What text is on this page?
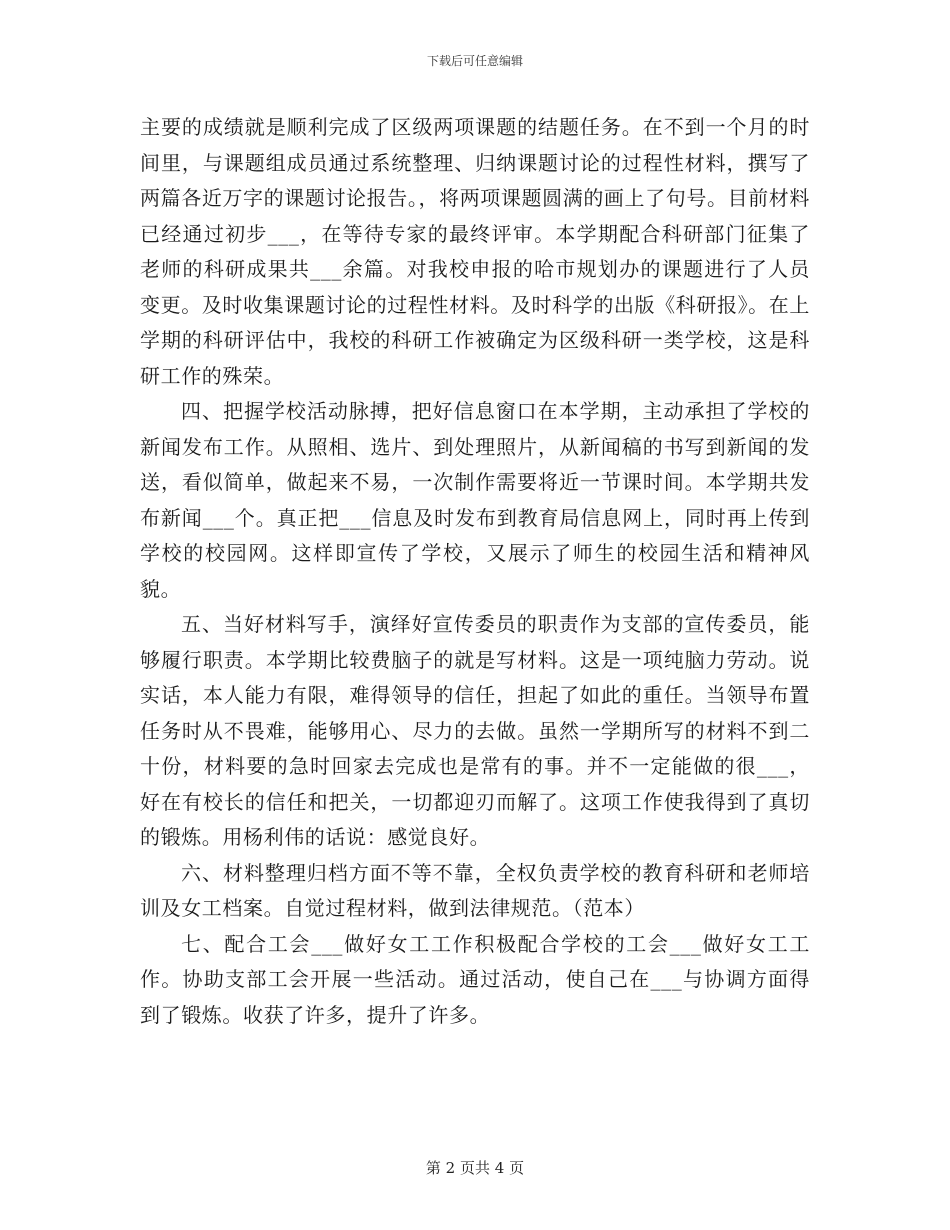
下载后可任意编辑

主要的成绩就是顺利完成了区级两项课题的结题任务。在不到一个月的时间里，与课题组成员通过系统整理、归纳课题讨论的过程性材料，撰写了两篇各近万字的课题讨论报告。，将两项课题圆满的画上了句号。目前材料已经通过初步___，在等待专家的最终评审。本学期配合科研部门征集了老师的科研成果共___余篇。对我校申报的哈市规划办的课题进行了人员变更。及时收集课题讨论的过程性材料。及时科学的出版《科研报》。在上学期的科研评估中，我校的科研工作被确定为区级科研一类学校，这是科研工作的殊荣。

四、把握学校活动脉搏，把好信息窗口在本学期，主动承担了学校的新闻发布工作。从照相、选片、到处理照片，从新闻稿的书写到新闻的发送，看似简单，做起来不易，一次制作需要将近一节课时间。本学期共发布新闻___个。真正把___信息及时发布到教育局信息网上，同时再上传到学校的校园网。这样即宣传了学校，又展示了师生的校园生活和精神风貌。

五、当好材料写手，演绎好宣传委员的职责作为支部的宣传委员，能够履行职责。本学期比较费脑子的就是写材料。这是一项纯脑力劳动。说实话，本人能力有限，难得领导的信任，担起了如此的重任。当领导布置任务时从不畏难，能够用心、尽力的去做。虽然一学期所写的材料不到二十份，材料要的急时回家去完成也是常有的事。并不一定能做的很___，好在有校长的信任和把关，一切都迎刃而解了。这项工作使我得到了真切的锻炼。用杨利伟的话说：感觉良好。

六、材料整理归档方面不等不靠，全权负责学校的教育科研和老师培训及女工档案。自觉过程材料，做到法律规范。（范本）

七、配合工会___做好女工工作积极配合学校的工会___做好女工工作。协助支部工会开展一些活动。通过活动，使自己在___与协调方面得到了锻炼。收获了许多，提升了许多。

第 2 页共 4 页
